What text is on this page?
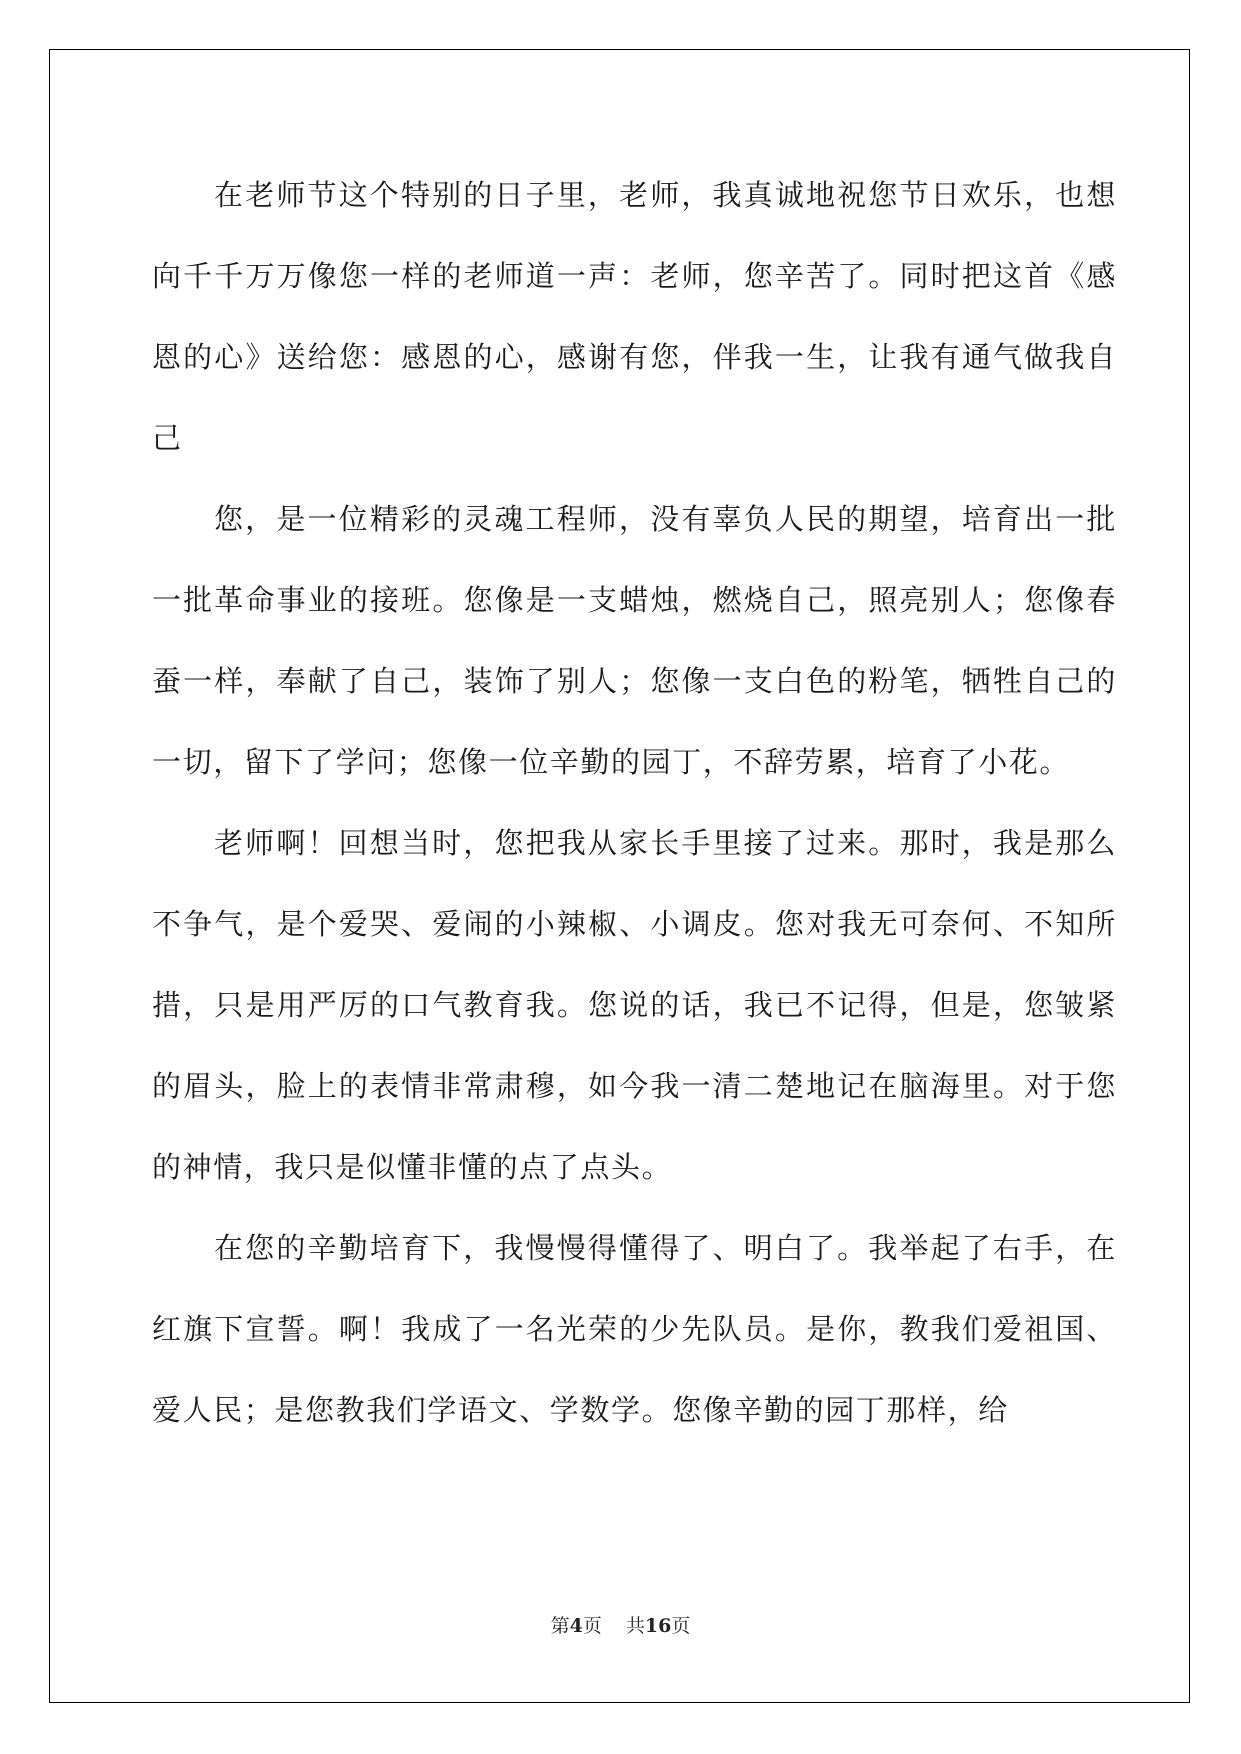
在老师节这个特别的日子里，老师，我真诚地祝您节日欢乐，也想向千千万万像您一样的老师道一声：老师，您辛苦了。同时把这首《感恩的心》送给您：感恩的心，感谢有您，伴我一生，让我有通气做我自己

您，是一位精彩的灵魂工程师，没有辜负人民的期望，培育出一批一批革命事业的接班。您像是一支蜡烛，燃烧自己，照亮别人；您像春蚕一样，奉献了自己，装饰了别人；您像一支白色的粉笔，牺牲自己的一切，留下了学问；您像一位辛勤的园丁，不辞劳累，培育了小花。

老师啊！回想当时，您把我从家长手里接了过来。那时，我是那么不争气，是个爱哭、爱闹的小辣椒、小调皮。您对我无可奈何、不知所措，只是用严厉的口气教育我。您说的话，我已不记得，但是，您皱紧的眉头，脸上的表情非常肃穆，如今我一清二楚地记在脑海里。对于您的神情，我只是似懂非懂的点了点头。

在您的辛勤培育下，我慢慢得懂得了、明白了。我举起了右手，在红旗下宣誓。啊！我成了一名光荣的少先队员。是你，教我们爱祖国、爱人民；是您教我们学语文、学数学。您像辛勤的园丁那样，给

第4页 共16页
